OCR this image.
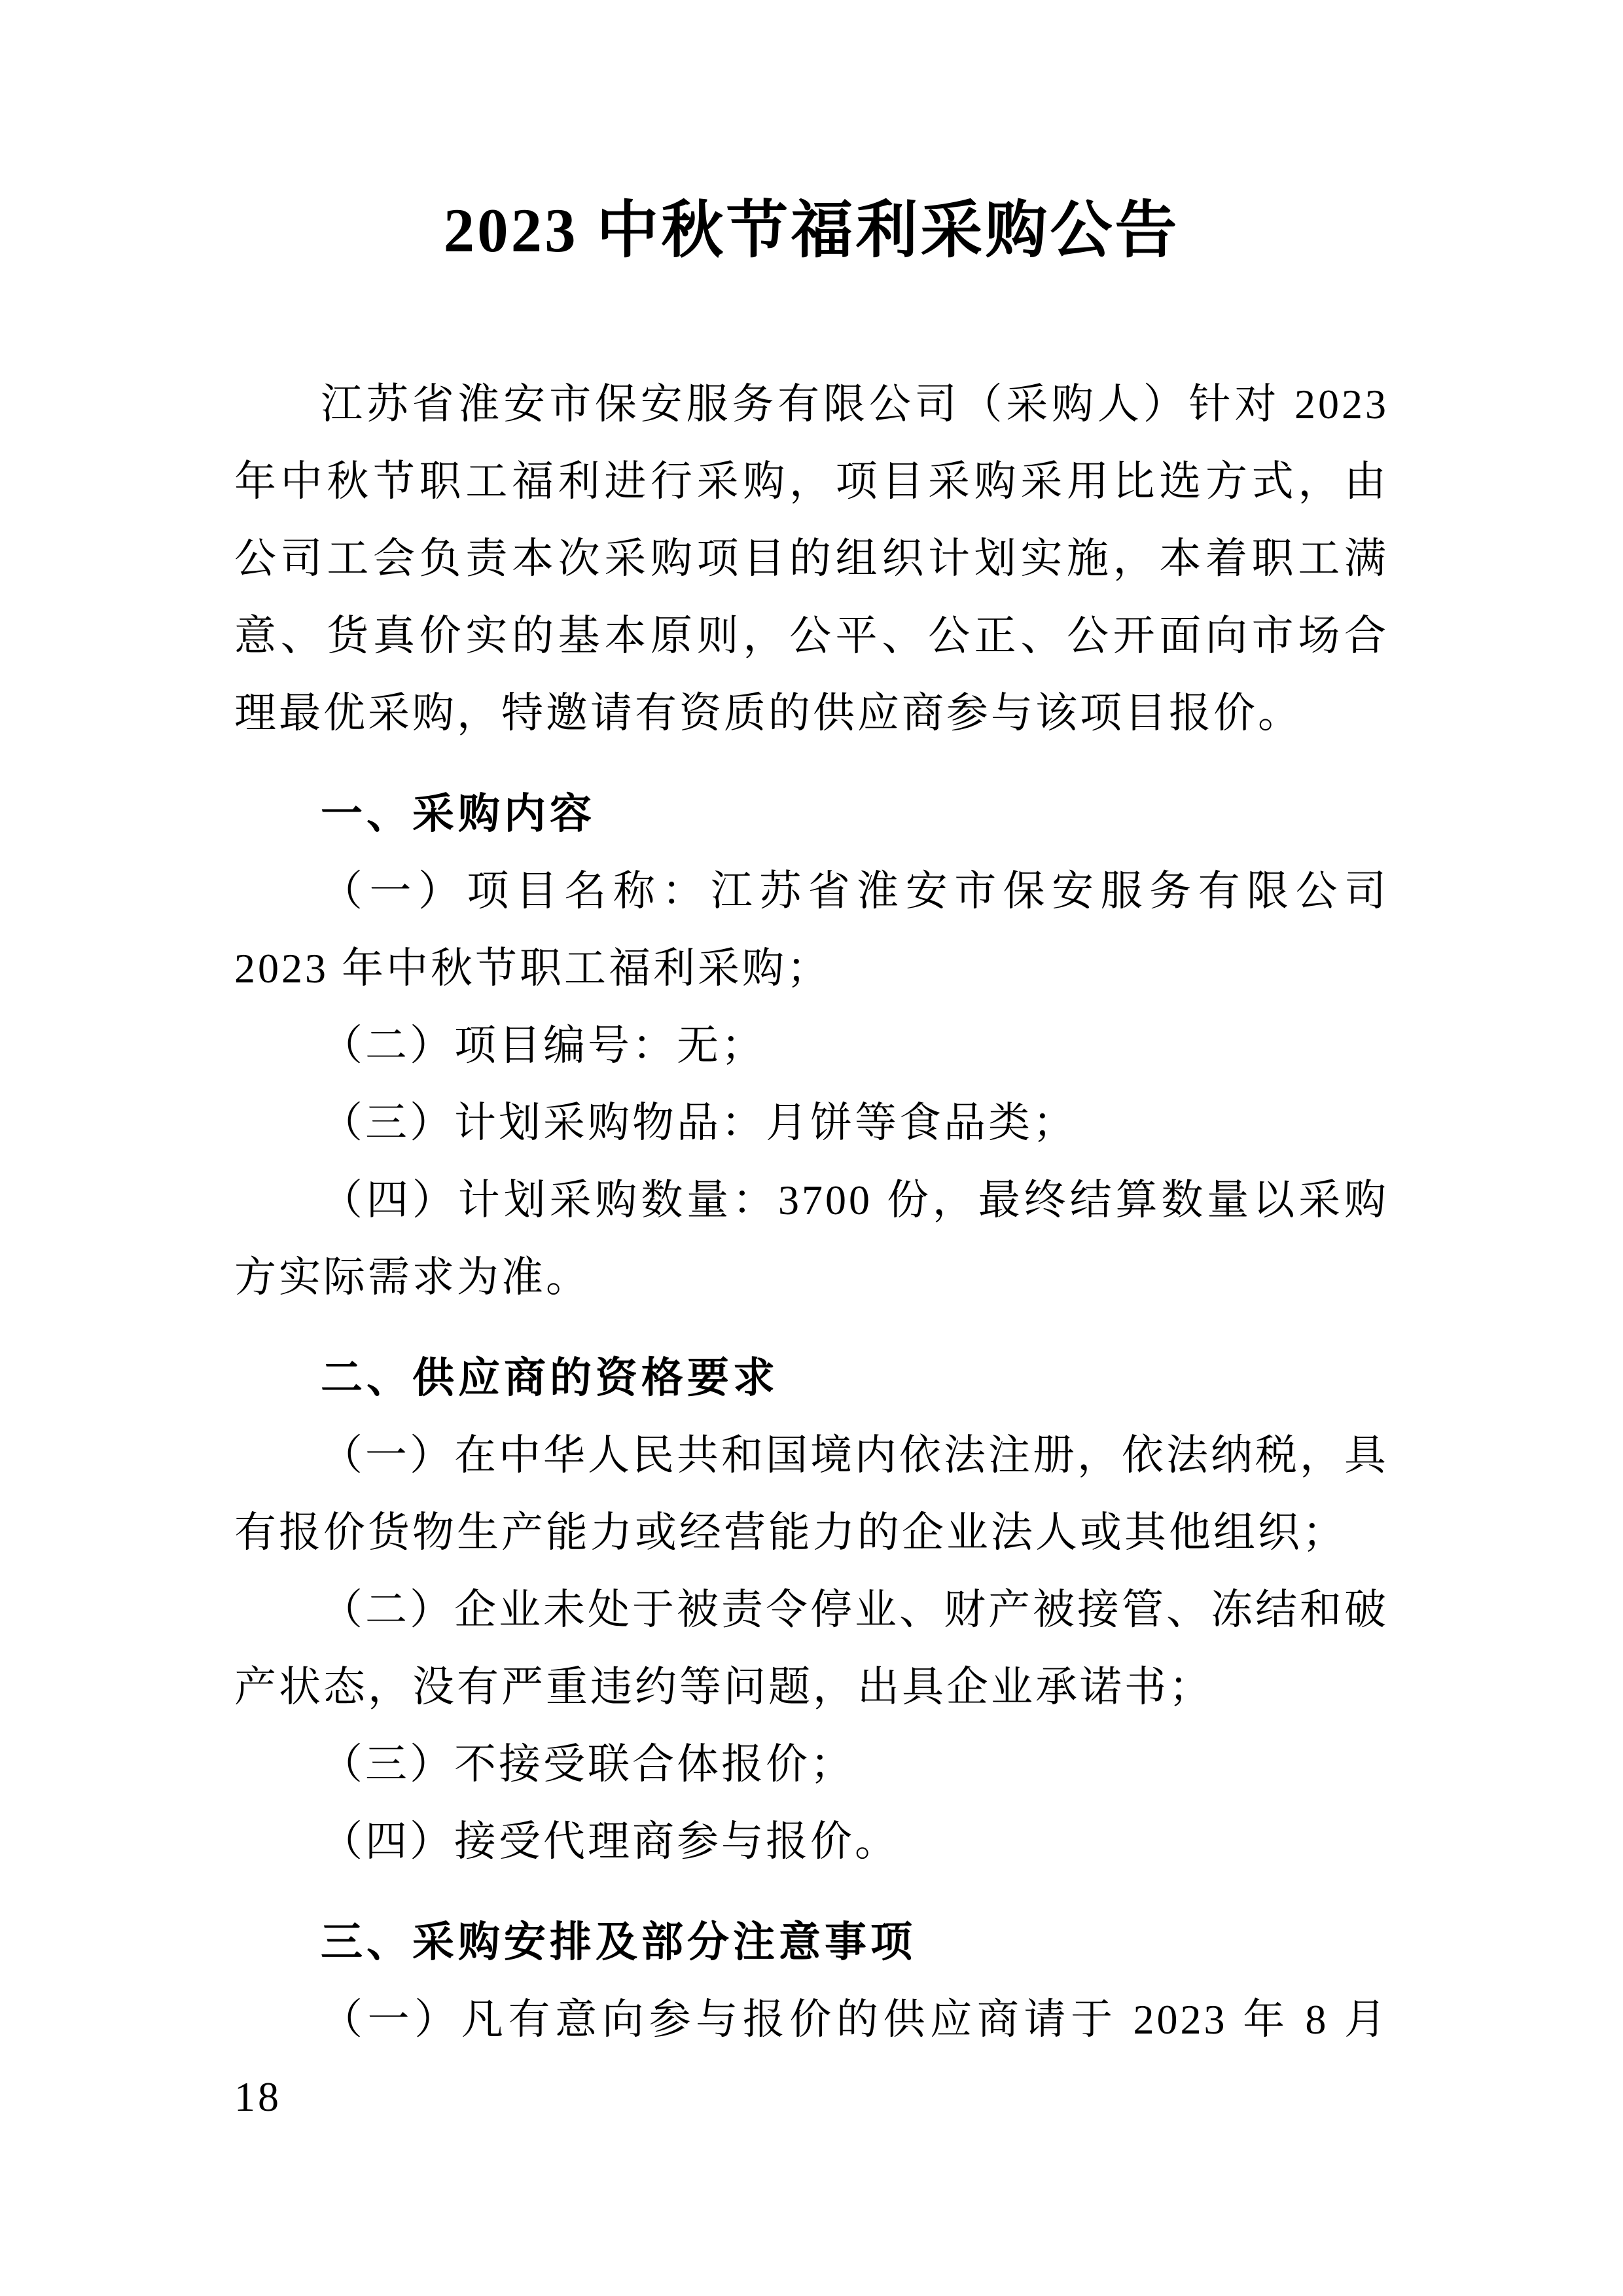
2023 中秋节福利采购公告

江苏省淮安市保安服务有限公司（采购人）针对 2023 年中秋节职工福利进行采购，项目采购采用比选方式，由公司工会负责本次采购项目的组织计划实施，本着职工满意、货真价实的基本原则，公平、公正、公开面向市场合理最优采购，特邀请有资质的供应商参与该项目报价。

一、采购内容

（一）项目名称：江苏省淮安市保安服务有限公司 2023 年中秋节职工福利采购；

（二）项目编号：无；

（三）计划采购物品：月饼等食品类；

（四）计划采购数量：3700 份，最终结算数量以采购方实际需求为准。

二、供应商的资格要求

（一）在中华人民共和国境内依法注册，依法纳税，具有报价货物生产能力或经营能力的企业法人或其他组织；

（二）企业未处于被责令停业、财产被接管、冻结和破产状态，没有严重违约等问题，出具企业承诺书；

（三）不接受联合体报价；

（四）接受代理商参与报价。

三、采购安排及部分注意事项

（一）凡有意向参与报价的供应商请于 2023 年 8 月 18
